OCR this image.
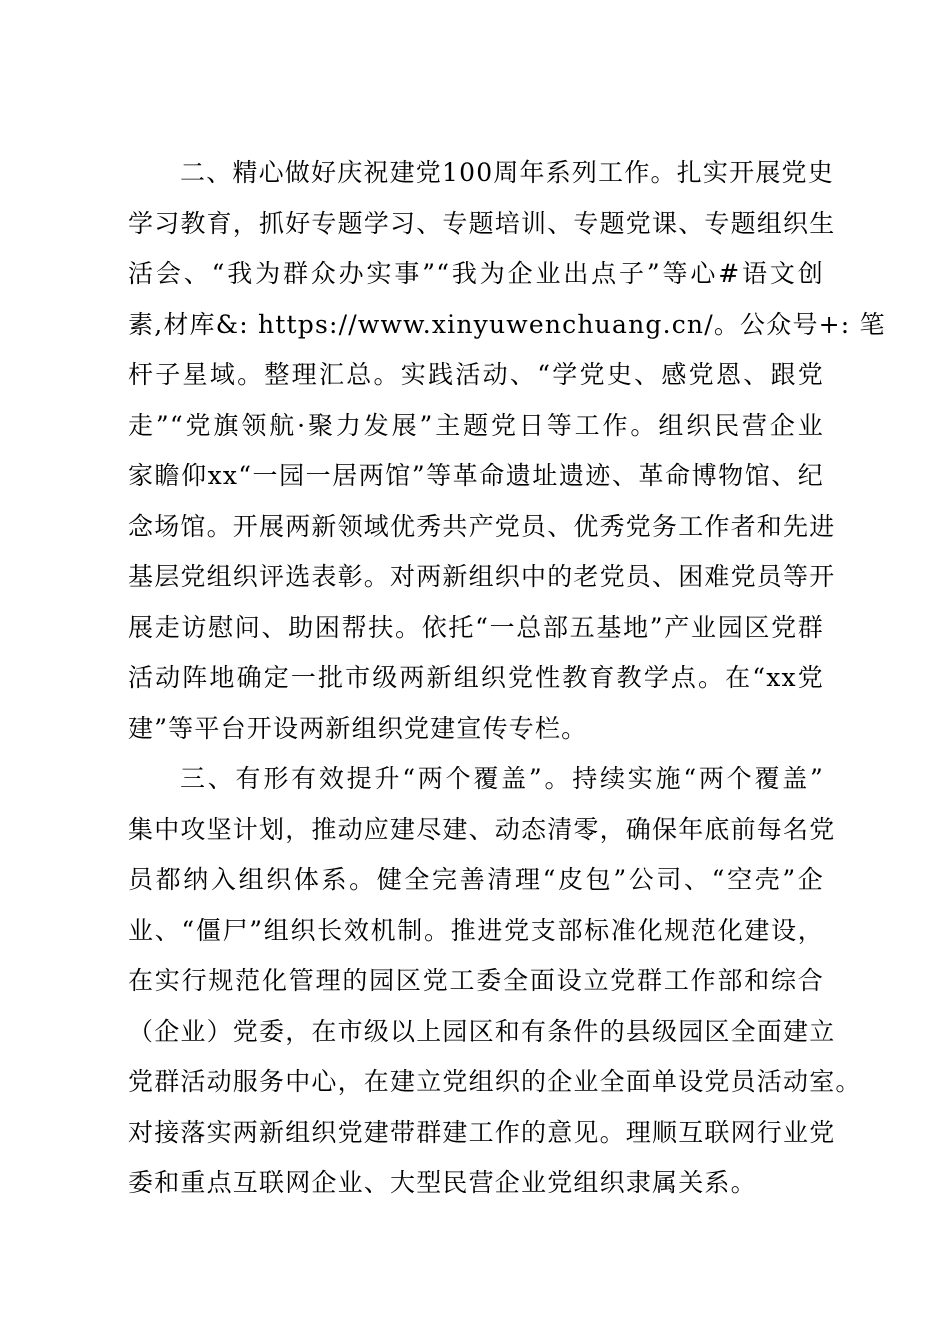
二、精心做好庆祝建党100周年系列工作。扎实开展党史
学习教育，抓好专题学习、专题培训、专题党课、专题组织生
活会、“我为群众办实事”“我为企业出点子”等心#语文创
素,材库&: https://www.xinyuwenchuang.cn/。公众号+: 笔
杆子星域。整理汇总。实践活动、“学党史、感党恩、跟党
走”“党旗领航·聚力发展”主题党日等工作。组织民营企业
家瞻仰xx“一园一居两馆”等革命遗址遗迹、革命博物馆、纪
念场馆。开展两新领域优秀共产党员、优秀党务工作者和先进
基层党组织评选表彰。对两新组织中的老党员、困难党员等开
展走访慰问、助困帮扶。依托“一总部五基地”产业园区党群
活动阵地确定一批市级两新组织党性教育教学点。在“xx党
建”等平台开设两新组织党建宣传专栏。
三、有形有效提升“两个覆盖”。持续实施“两个覆盖”
集中攻坚计划，推动应建尽建、动态清零，确保年底前每名党
员都纳入组织体系。健全完善清理“皮包”公司、“空壳”企
业、“僵尸”组织长效机制。推进党支部标准化规范化建设，
在实行规范化管理的园区党工委全面设立党群工作部和综合
（企业）党委，在市级以上园区和有条件的县级园区全面建立
党群活动服务中心，在建立党组织的企业全面单设党员活动室。
对接落实两新组织党建带群建工作的意见。理顺互联网行业党
委和重点互联网企业、大型民营企业党组织隶属关系。
